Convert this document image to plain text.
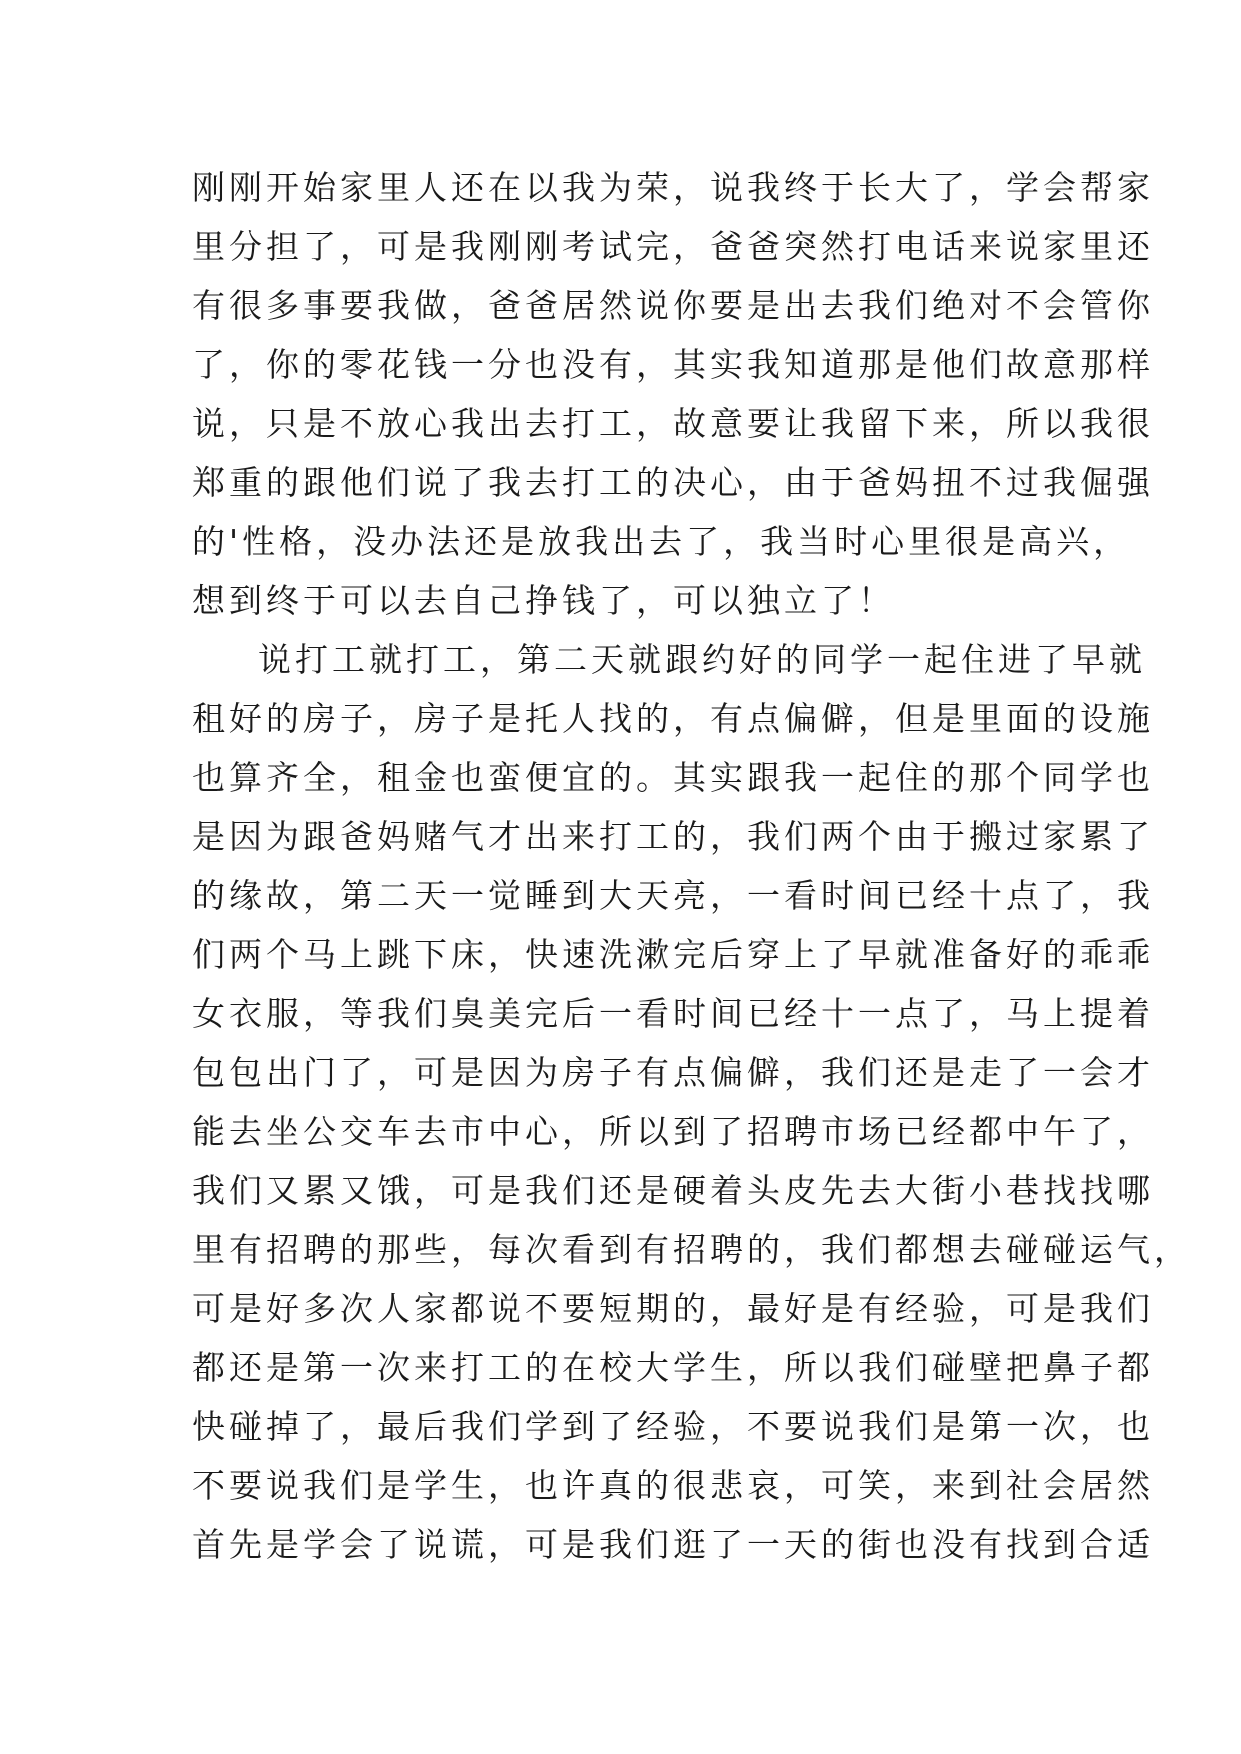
刚刚开始家里人还在以我为荣，说我终于长大了，学会帮家
里分担了，可是我刚刚考试完，爸爸突然打电话来说家里还
有很多事要我做，爸爸居然说你要是出去我们绝对不会管你
了，你的零花钱一分也没有，其实我知道那是他们故意那样
说，只是不放心我出去打工，故意要让我留下来，所以我很
郑重的跟他们说了我去打工的决心，由于爸妈扭不过我倔强
的'性格，没办法还是放我出去了，我当时心里很是高兴，
想到终于可以去自己挣钱了，可以独立了！
说打工就打工，第二天就跟约好的同学一起住进了早就
租好的房子，房子是托人找的，有点偏僻，但是里面的设施
也算齐全，租金也蛮便宜的。其实跟我一起住的那个同学也
是因为跟爸妈赌气才出来打工的，我们两个由于搬过家累了
的缘故，第二天一觉睡到大天亮，一看时间已经十点了，我
们两个马上跳下床，快速洗漱完后穿上了早就准备好的乖乖
女衣服，等我们臭美完后一看时间已经十一点了，马上提着
包包出门了，可是因为房子有点偏僻，我们还是走了一会才
能去坐公交车去市中心，所以到了招聘市场已经都中午了，
我们又累又饿，可是我们还是硬着头皮先去大街小巷找找哪
里有招聘的那些，每次看到有招聘的，我们都想去碰碰运气，
可是好多次人家都说不要短期的，最好是有经验，可是我们
都还是第一次来打工的在校大学生，所以我们碰壁把鼻子都
快碰掉了，最后我们学到了经验，不要说我们是第一次，也
不要说我们是学生，也许真的很悲哀，可笑，来到社会居然
首先是学会了说谎，可是我们逛了一天的街也没有找到合适
